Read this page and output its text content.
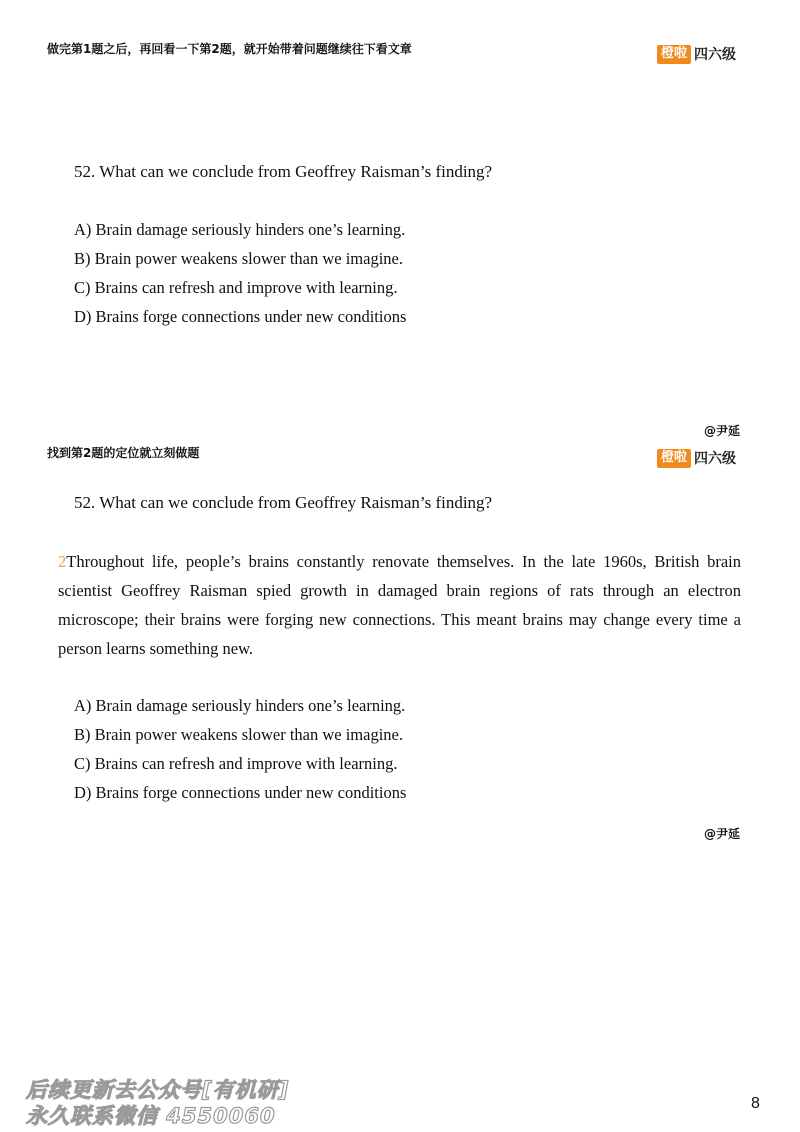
做完第1题之后，再回看一下第2题，就开始带着问题继续往下看文章	橙啦 四六级
52. What can we conclude from Geoffrey Raisman’s finding?
A) Brain damage seriously hinders one’s learning.
B) Brain power weakens slower than we imagine.
C) Brains can refresh and improve with learning.
D) Brains forge connections under new conditions
@尹延
找到第2题的定位就立刻做题	橙啦 四六级
52. What can we conclude from Geoffrey Raisman’s finding?
2Throughout life, people’s brains constantly renovate themselves. In the late 1960s, British brain scientist Geoffrey Raisman spied growth in damaged brain regions of rats through an electron microscope; their brains were forging new connections. This meant brains may change every time a person learns something new.
A) Brain damage seriously hinders one’s learning.
B) Brain power weakens slower than we imagine.
C) Brains can refresh and improve with learning.
D) Brains forge connections under new conditions
@尹延
后续更新去公众号[有机研]
永久联系微信 4550060
8
